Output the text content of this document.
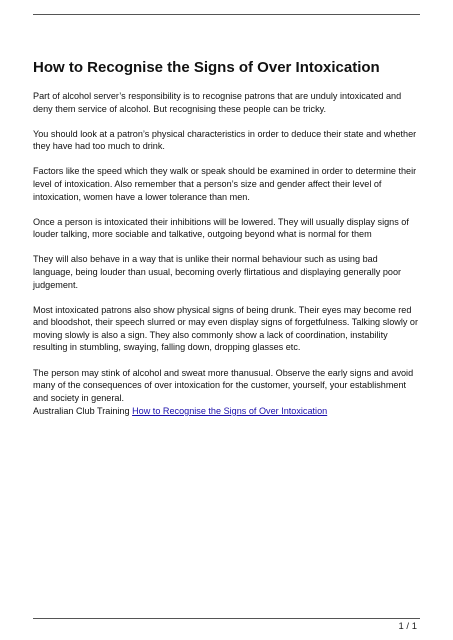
How to Recognise the Signs of Over Intoxication

Part of alcohol server’s responsibility is to recognise patrons that are unduly intoxicated and deny them service of alcohol. But recognising these people can be tricky.

You should look at a patron’s physical characteristics in order to deduce their state and whether they have had too much to drink.

Factors like the speed which they walk or speak should be examined in order to determine their level of intoxication. Also remember that a person’s size and gender affect their level of intoxication, women have a lower tolerance than men.

Once a person is intoxicated their inhibitions will be lowered. They will usually display signs of louder talking, more sociable and talkative, outgoing beyond what is normal for them

They will also behave in a way that is unlike their normal behaviour such as using bad language, being louder than usual, becoming overly flirtatious and displaying generally poor judgement.

Most intoxicated patrons also show physical signs of being drunk. Their eyes may become red and bloodshot, their speech slurred or may even display signs of forgetfulness. Talking slowly or moving slowly is also a sign. They also commonly show a lack of coordination, instability resulting in stumbling, swaying, falling down, dropping glasses etc.

The person may stink of alcohol and sweat more thanusual. Observe the early signs and avoid many of the consequences of over intoxication for the customer, yourself, your establishment and society in general.

Australian Club Training How to Recognise the Signs of Over Intoxication
1 / 1
